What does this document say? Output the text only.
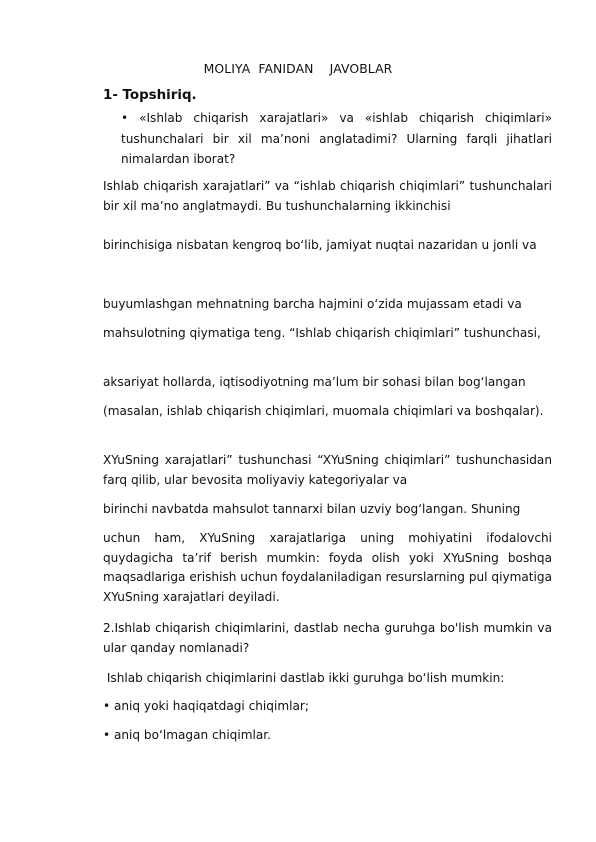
MOLIYA  FANIDAN    JAVOBLAR
1- Topshiriq.
• «Ishlab chiqarish xarajatlari» va «ishlab chiqarish chiqimlari» tushunchalari bir xil ma’noni anglatadimi? Ularning farqli jihatlari nimalardan iborat?
Ishlab chiqarish xarajatlari” va “ishlab chiqarish chiqimlari” tushunchalari bir xil maʼno anglatmaydi. Bu tushunchalarning ikkinchisi
birinchisiga nisbatan kengroq bo‘lib, jamiyat nuqtai nazaridan u jonli va
buyumlashgan mehnatning barcha hajmini o‘zida mujassam etadi va
mahsulotning qiymatiga teng. “Ishlab chiqarish chiqimlari” tushunchasi,
aksariyat hollarda, iqtisodiyotning ma’lum bir sohasi bilan bog‘langan
(masalan, ishlab chiqarish chiqimlari, muomala chiqimlari va boshqalar).
XYuSning xarajatlari” tushunchasi “XYuSning chiqimlari” tushunchasidan farq qilib, ular bevosita moliyaviy kategoriyalar va
birinchi navbatda mahsulot tannarxi bilan uzviy bog‘langan. Shuning
uchun ham, XYuSning xarajatlariga uning mohiyatini ifodalovchi quydagicha ta’rif berish mumkin: foyda olish yoki XYuSning boshqa maqsadlariga erishish uchun foydalaniladigan resurslarning pul qiymatiga XYuSning xarajatlari deyiladi.
2.Ishlab chiqarish chiqimlarini, dastlab necha guruhga bo'lish mumkin va ular qanday nomlanadi?
Ishlab chiqarish chiqimlarini dastlab ikki guruhga bo‘lish mumkin:
• aniq yoki haqiqatdagi chiqimlar;
• aniq bo‘lmagan chiqimlar.
